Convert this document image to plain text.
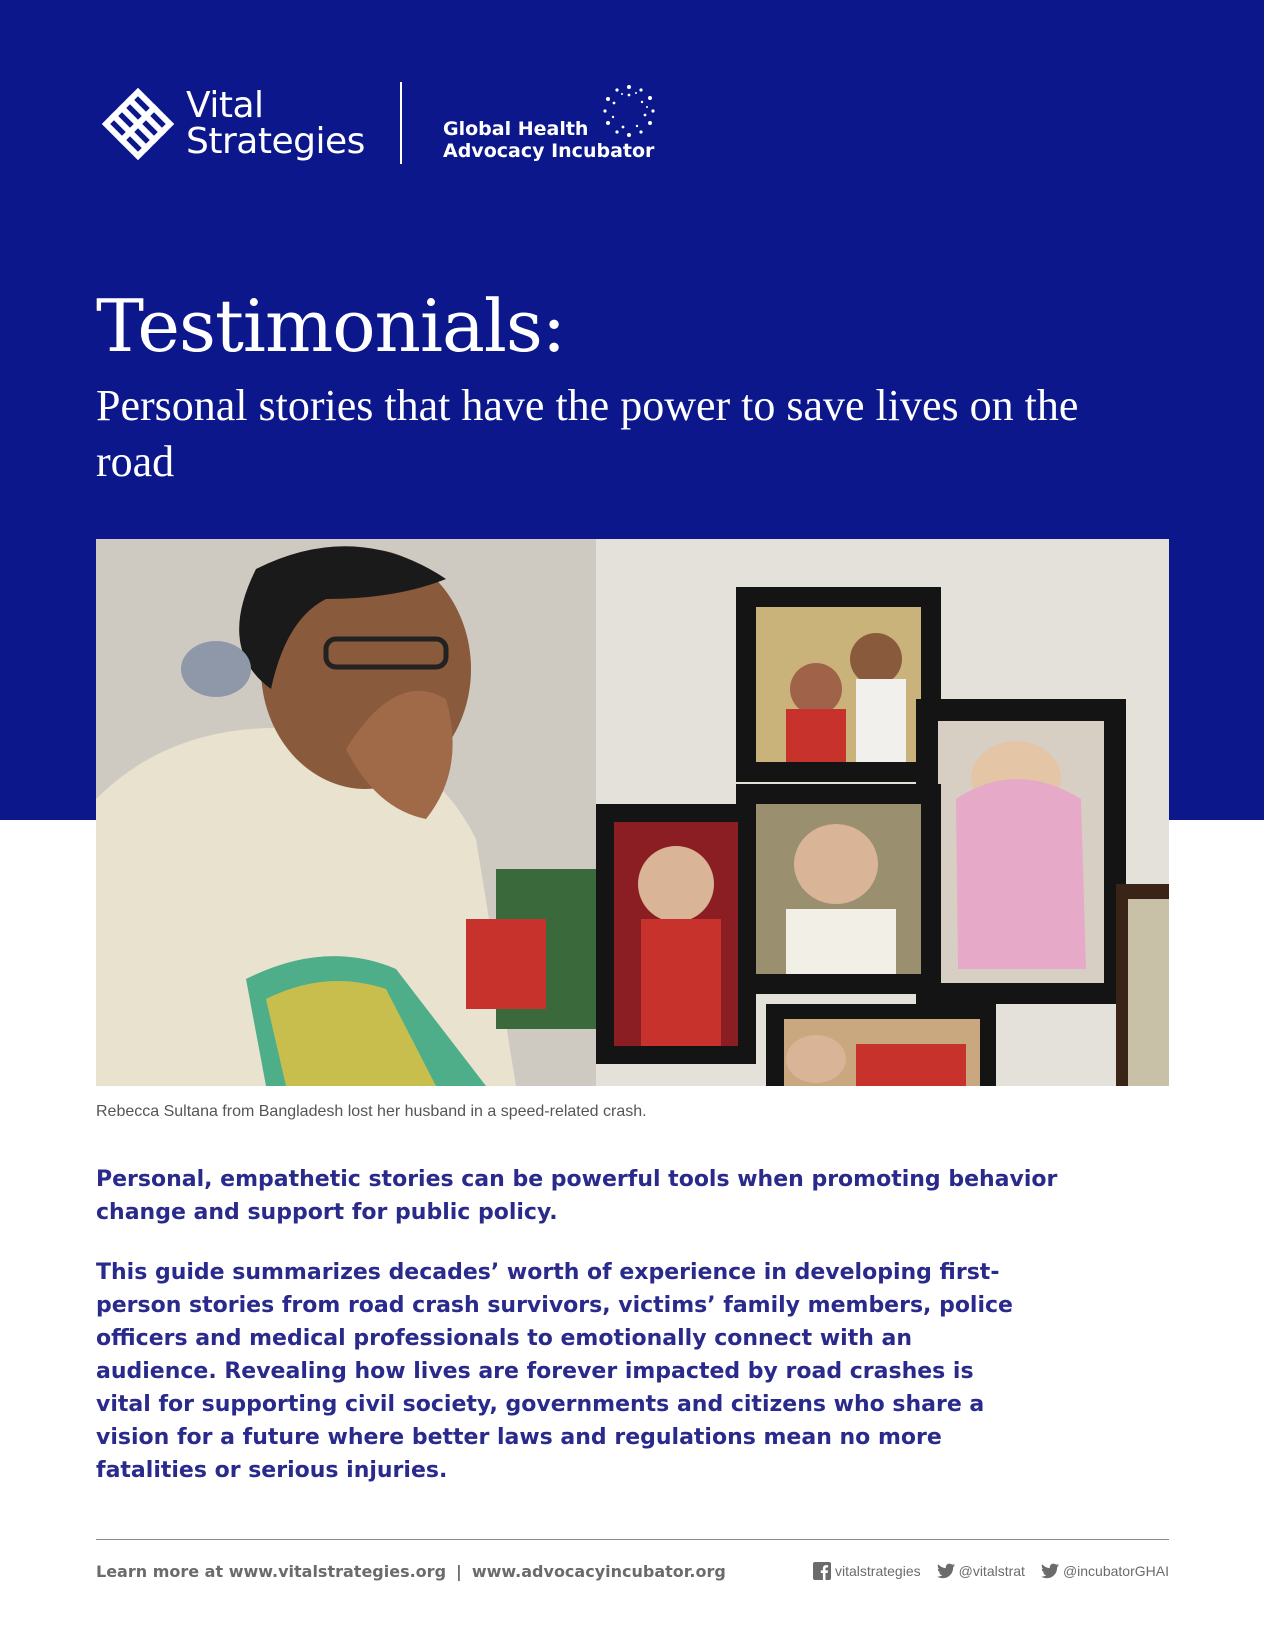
Vital
Strategies	Global Health
Advocacy Incubator
Testimonials:
Personal stories that have the power to save lives on the road
Rebecca Sultana from Bangladesh lost her husband in a speed-related crash.

Personal, empathetic stories can be powerful tools when promoting behavior change and support for public policy.

This guide summarizes decades’ worth of experience in developing first-person stories from road crash survivors, victims’ family members, police officers and medical professionals to emotionally connect with an audience. Revealing how lives are forever impacted by road crashes is vital for supporting civil society, governments and citizens who share a vision for a future where better laws and regulations mean no more fatalities or serious injuries.

Learn more at www.vitalstrategies.org | www.advocacyincubator.org	vitalstrategies	@vitalstrat	@incubatorGHAI
